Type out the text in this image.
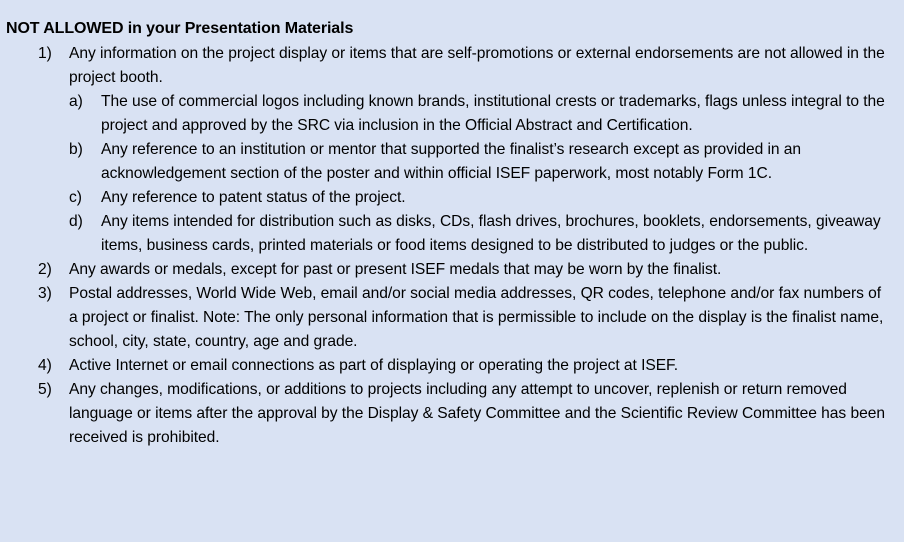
NOT ALLOWED in your Presentation Materials
1) Any information on the project display or items that are self-promotions or external endorsements are not allowed in the project booth.
a) The use of commercial logos including known brands, institutional crests or trademarks, flags unless integral to the project and approved by the SRC via inclusion in the Official Abstract and Certification.
b) Any reference to an institution or mentor that supported the finalist’s research except as provided in an acknowledgement section of the poster and within official ISEF paperwork, most notably Form 1C.
c) Any reference to patent status of the project.
d) Any items intended for distribution such as disks, CDs, flash drives, brochures, booklets, endorsements, giveaway items, business cards, printed materials or food items designed to be distributed to judges or the public.
2) Any awards or medals, except for past or present ISEF medals that may be worn by the finalist.
3) Postal addresses, World Wide Web, email and/or social media addresses, QR codes, telephone and/or fax numbers of a project or finalist. Note: The only personal information that is permissible to include on the display is the finalist name, school, city, state, country, age and grade.
4) Active Internet or email connections as part of displaying or operating the project at ISEF.
5) Any changes, modifications, or additions to projects including any attempt to uncover, replenish or return removed language or items after the approval by the Display & Safety Committee and the Scientific Review Committee has been received is prohibited.
